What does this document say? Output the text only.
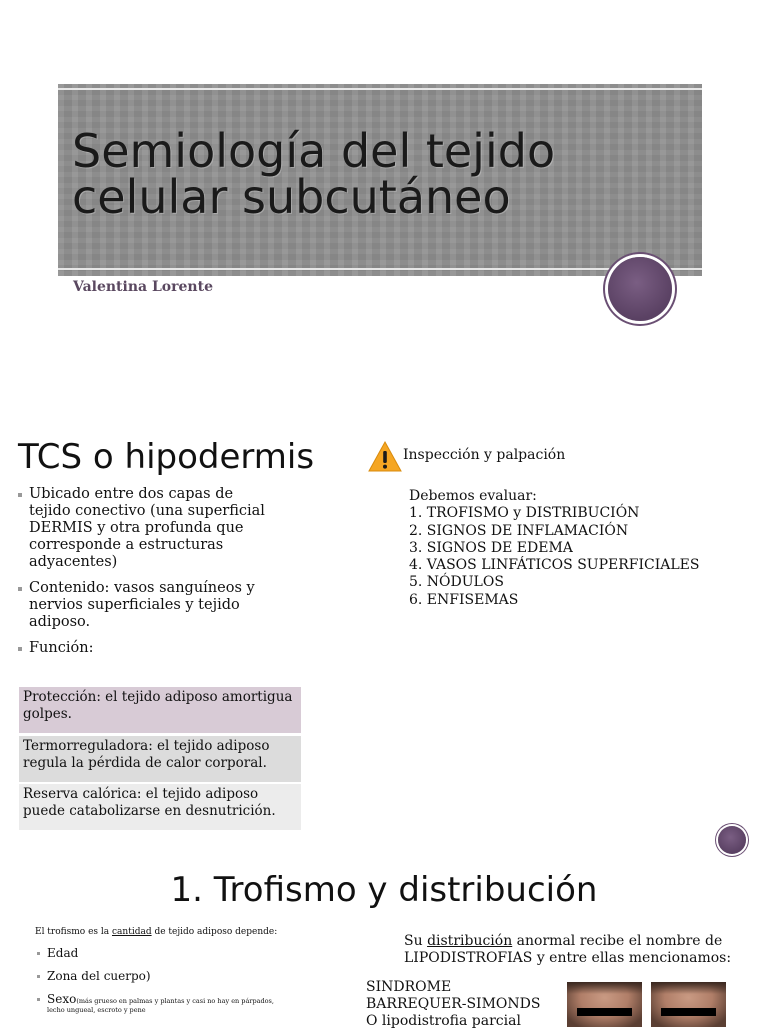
Semiología del tejido
celular subcutáneo
Valentina Lorente
TCS o hipodermis
Ubicado entre dos capas de tejido conectivo (una superficial DERMIS y otra profunda que corresponde a estructuras adyacentes)
Contenido: vasos sanguíneos y nervios superficiales y tejido adiposo.
Función:
Protección: el tejido adiposo amortigua golpes.
Termorreguladora: el tejido adiposo regula la pérdida de calor corporal.
Reserva calórica: el tejido adiposo puede catabolizarse en desnutrición.
Inspección y palpación
Debemos evaluar:
1. TROFISMO y DISTRIBUCIÓN
2. SIGNOS DE INFLAMACIÓN
3. SIGNOS DE EDEMA
4. VASOS LINFÁTICOS SUPERFICIALES
5. NÓDULOS
6. ENFISEMAS
1. Trofismo y distribución
El trofismo es la cantidad de tejido adiposo depende:
Edad
Zona del cuerpo)
Sexo(más grueso en palmas y plantas y casi no hay en párpados,
lecho ungueal, escroto y pene
Su distribución anormal recibe el nombre de LIPODISTROFIAS y entre ellas mencionamos:
SINDROME
BARREQUER-SIMONDS
O lipodistrofia parcial
